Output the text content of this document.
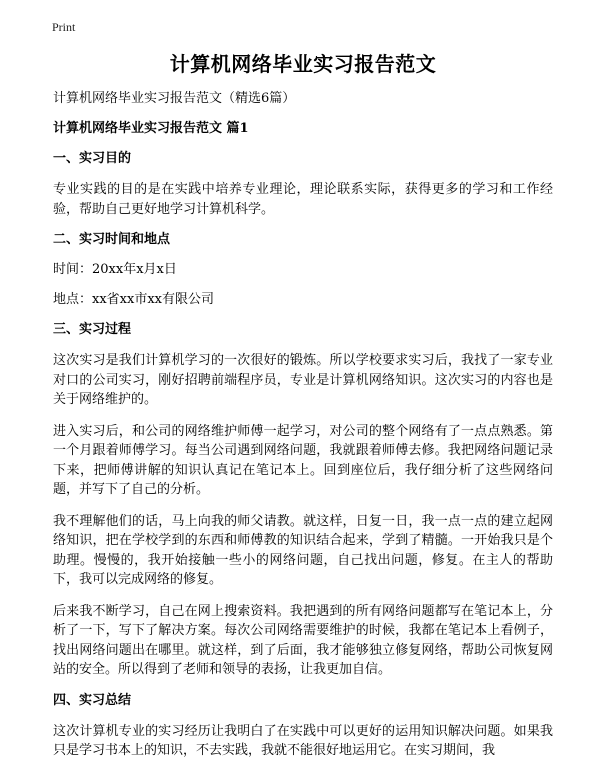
Print
计算机网络毕业实习报告范文
计算机网络毕业实习报告范文（精选6篇）
计算机网络毕业实习报告范文 篇1
一、实习目的
专业实践的目的是在实践中培养专业理论，理论联系实际，获得更多的学习和工作经验，帮助自己更好地学习计算机科学。
二、实习时间和地点
时间：20xx年x月x日
地点：xx省xx市xx有限公司
三、实习过程
这次实习是我们计算机学习的一次很好的锻炼。所以学校要求实习后，我找了一家专业对口的公司实习，刚好招聘前端程序员，专业是计算机网络知识。这次实习的内容也是关于网络维护的。
进入实习后，和公司的网络维护师傅一起学习，对公司的整个网络有了一点点熟悉。第一个月跟着师傅学习。每当公司遇到网络问题，我就跟着师傅去修。我把网络问题记录下来，把师傅讲解的知识认真记在笔记本上。回到座位后，我仔细分析了这些网络问题，并写下了自己的分析。
我不理解他们的话，马上向我的师父请教。就这样，日复一日，我一点一点的建立起网络知识，把在学校学到的东西和师傅教的知识结合起来，学到了精髓。一开始我只是个助理。慢慢的，我开始接触一些小的网络问题，自己找出问题，修复。在主人的帮助下，我可以完成网络的修复。
后来我不断学习，自己在网上搜索资料。我把遇到的所有网络问题都写在笔记本上，分析了一下，写下了解决方案。每次公司网络需要维护的时候，我都在笔记本上看例子，找出网络问题出在哪里。就这样，到了后面，我才能够独立修复网络，帮助公司恢复网站的安全。所以得到了老师和领导的表扬，让我更加自信。
四、实习总结
这次计算机专业的实习经历让我明白了在实践中可以更好的运用知识解决问题。如果我只是学习书本上的知识，不去实践，我就不能很好地运用它。在实习期间，我
